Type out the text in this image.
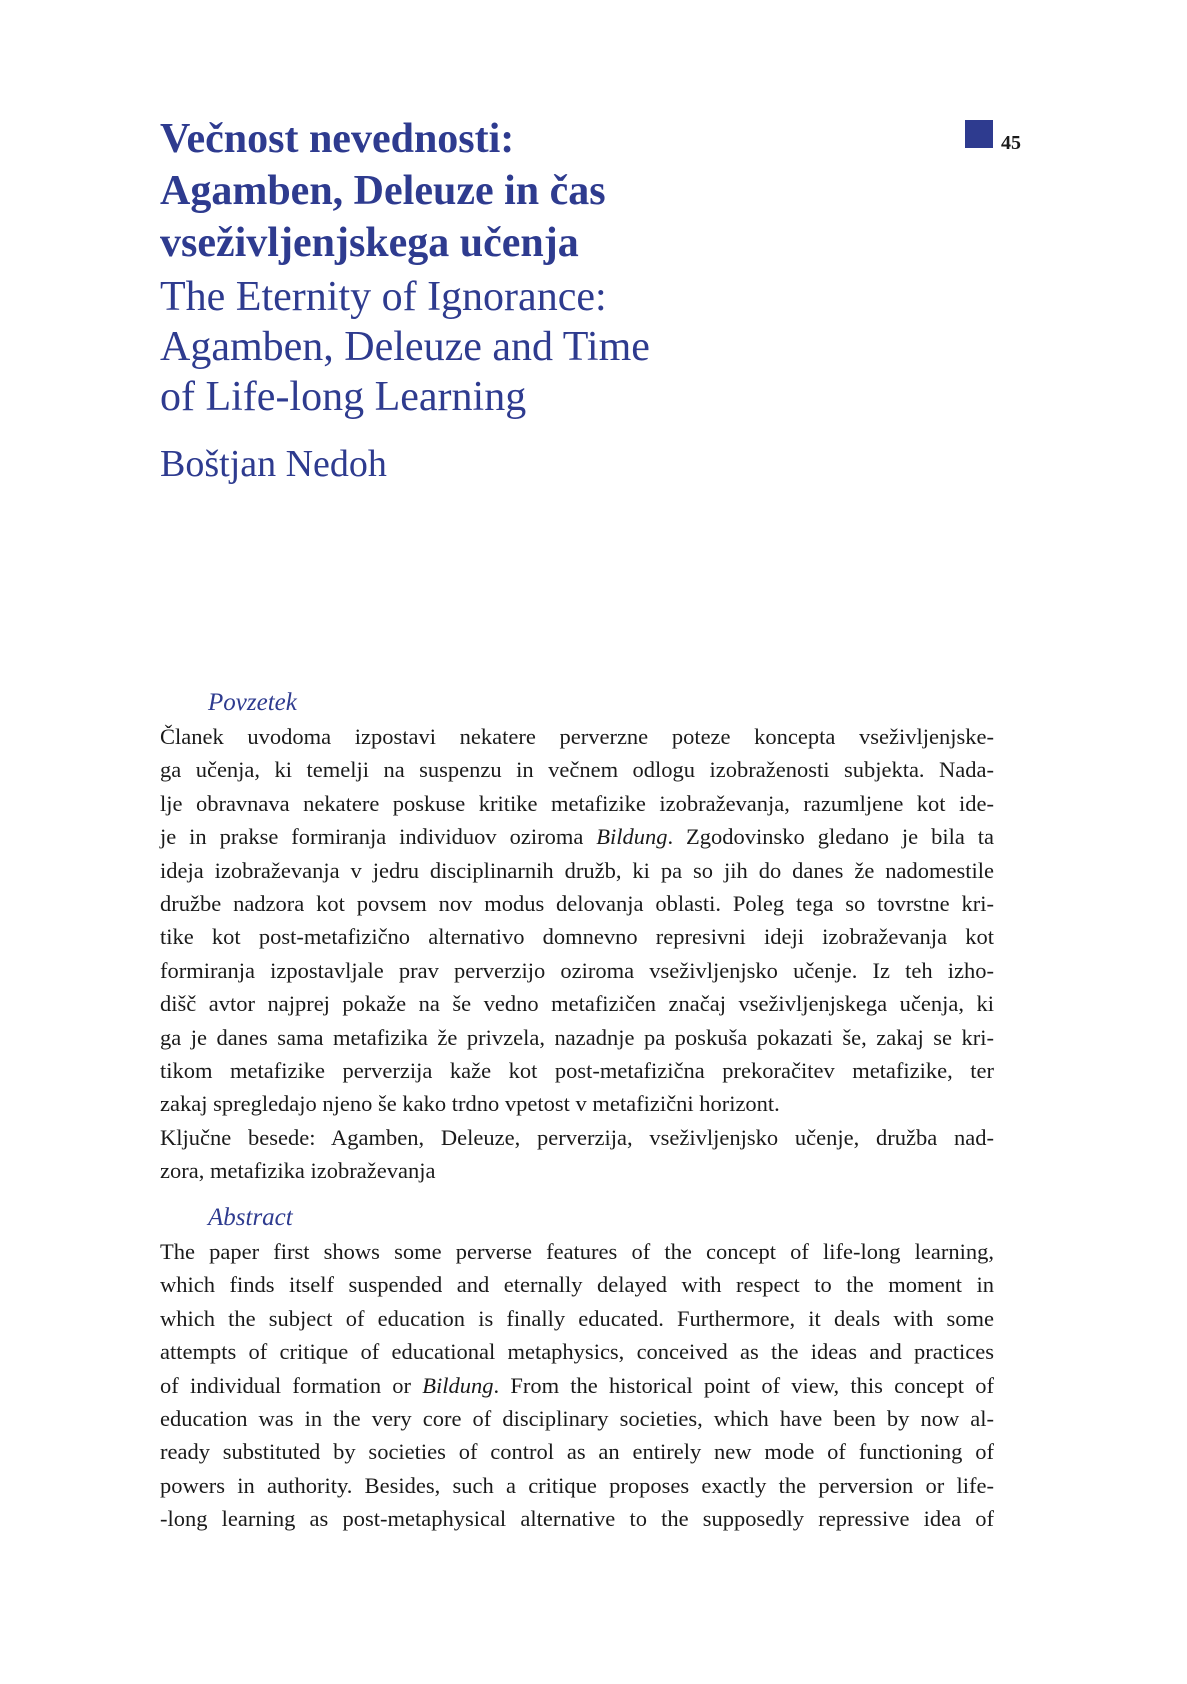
45
Večnost nevednosti:
Agamben, Deleuze in čas
vseživljenjskega učenja
The Eternity of Ignorance:
Agamben, Deleuze and Time
of Life-long Learning
Boštjan Nedoh
Povzetek
Članek uvodoma izpostavi nekatere perverzne poteze koncepta vseživljenjske-
ga učenja, ki temelji na suspenzu in večnem odlogu izobraženosti subjekta. Nada-
lje obravnava nekatere poskuse kritike metafizike izobraževanja, razumljene kot ide-
je in prakse formiranja individuov oziroma Bildung. Zgodovinsko gledano je bila ta
ideja izobraževanja v jedru disciplinarnih družb, ki pa so jih do danes že nadomestile
družbe nadzora kot povsem nov modus delovanja oblasti. Poleg tega so tovrstne kri-
tike kot post-metafizično alternativo domnevno represivni ideji izobraževanja kot
formiranja izpostavljale prav perverzijo oziroma vseživljenjsko učenje. Iz teh izho-
dišč avtor najprej pokaže na še vedno metafizičen značaj vseživljenjskega učenja, ki
ga je danes sama metafizika že privzela, nazadnje pa poskuša pokazati še, zakaj se kri-
tikom metafizike perverzija kaže kot post-metafizična prekoračitev metafizike, ter
zakaj spregledajo njeno še kako trdno vpetost v metafizični horizont.
Ključne besede: Agamben, Deleuze, perverzija, vseživljenjsko učenje, družba nad-
zora, metafizika izobraževanja
Abstract
The paper first shows some perverse features of the concept of life-long learning,
which finds itself suspended and eternally delayed with respect to the moment in
which the subject of education is finally educated. Furthermore, it deals with some
attempts of critique of educational metaphysics, conceived as the ideas and practices
of individual formation or Bildung. From the historical point of view, this concept of
education was in the very core of disciplinary societies, which have been by now al-
ready substituted by societies of control as an entirely new mode of functioning of
powers in authority. Besides, such a critique proposes exactly the perversion or life-
-long learning as post-metaphysical alternative to the supposedly repressive idea of
